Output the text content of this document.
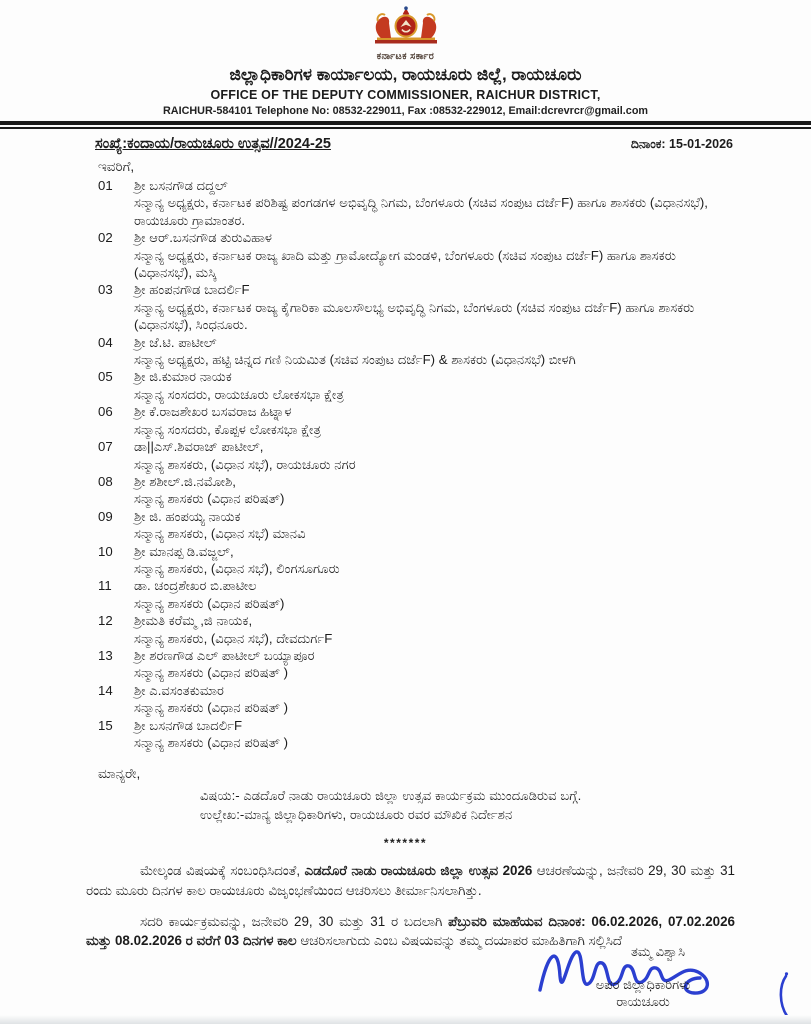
ಕರ್ನಾಟಕ ಸರ್ಕಾರ
ಜಿಲ್ಲಾಧಿಕಾರಿಗಳ ಕಾರ್ಯಾಲಯ, ರಾಯಚೂರು ಜಿಲ್ಲೆ, ರಾಯಚೂರು
OFFICE OF THE DEPUTY COMMISSIONER, RAICHUR DISTRICT,
RAICHUR-584101 Telephone No: 08532-229011, Fax :08532-229012, Email:dcrevrcr@gmail.com
ಸಂಖ್ಯೆ:ಕಂದಾಯ/ರಾಯಚೂರು ಉತ್ಸವ//2024-25	ದಿನಾಂಕ: 15-01-2026
ಇವರಿಗೆ,
01	ಶ್ರೀ ಬಸನಗೌಡ ದದ್ದಲ್
ಸನ್ಮಾನ್ಯ ಅಧ್ಯಕ್ಷರು, ಕರ್ನಾಟಕ ಪರಿಶಿಷ್ಟ ಪಂಗಡಗಳ ಅಭಿವೃದ್ಧಿ ನಿಗಮ, ಬೆಂಗಳೂರು (ಸಚಿವ ಸಂಪುಟ ದರ್ಜೆF) ಹಾಗೂ ಶಾಸಕರು (ವಿಧಾನಸಭೆ), ರಾಯಚೂರು ಗ್ರಾಮಾಂತರ.
02	ಶ್ರೀ ಆರ್.ಬಸನಗೌಡ ತುರುವಿಹಾಳ
ಸನ್ಮಾನ್ಯ ಅಧ್ಯಕ್ಷರು, ಕರ್ನಾಟಕ ರಾಜ್ಯ ಖಾದಿ ಮತ್ತು ಗ್ರಾಮೋದ್ಯೋಗ ಮಂಡಳಿ, ಬೆಂಗಳೂರು (ಸಚಿವ ಸಂಪುಟ ದರ್ಜೆF) ಹಾಗೂ ಶಾಸಕರು (ವಿಧಾನಸಭೆ), ಮಸ್ಕಿ
03	ಶ್ರೀ ಹಂಪನಗೌಡ ಬಾದರ್ಲಿF
ಸನ್ಮಾನ್ಯ ಅಧ್ಯಕ್ಷರು, ಕರ್ನಾಟಕ ರಾಜ್ಯ ಕೈಗಾರಿಕಾ ಮೂಲಸೌಲಭ್ಯ ಅಭಿವೃದ್ಧಿ ನಿಗಮ, ಬೆಂಗಳೂರು (ಸಚಿವ ಸಂಪುಟ ದರ್ಜೆF) ಹಾಗೂ ಶಾಸಕರು (ವಿಧಾನಸಭೆ), ಸಿಂಧನೂರು.
04	ಶ್ರೀ ಜೆ.ಟಿ. ಪಾಟೀಲ್
ಸನ್ಮಾನ್ಯ ಅಧ್ಯಕ್ಷರು, ಹಟ್ಟಿ ಚಿನ್ನದ ಗಣಿ ನಿಯಮಿತ (ಸಚಿವ ಸಂಪುಟ ದರ್ಜೆF) & ಶಾಸಕರು (ವಿಧಾನಸಭೆ) ಬೀಳಗಿ
05	ಶ್ರೀ ಜಿ.ಕುಮಾರ ನಾಯಕ
ಸನ್ಮಾನ್ಯ ಸಂಸದರು, ರಾಯಚೂರು ಲೋಕಸಭಾ ಕ್ಷೇತ್ರ
06	ಶ್ರೀ ಕೆ.ರಾಜಶೇಖರ ಬಸವರಾಜ ಹಿಟ್ನಾಳ
ಸನ್ಮಾನ್ಯ ಸಂಸದರು, ಕೊಪ್ಪಳ ಲೋಕಸಭಾ ಕ್ಷೇತ್ರ
07	ಡಾ||ಎಸ್.ಶಿವರಾಜ್ ಪಾಟೀಲ್,
ಸನ್ಮಾನ್ಯ ಶಾಸಕರು, (ವಿಧಾನ ಸಭೆ), ರಾಯಚೂರು ನಗರ
08	ಶ್ರೀ ಶಶೀಲ್.ಜಿ.ನಮೋಶಿ,
ಸನ್ಮಾನ್ಯ ಶಾಸಕರು (ವಿಧಾನ ಪರಿಷತ್)
09	ಶ್ರೀ ಜಿ. ಹಂಪಯ್ಯ ನಾಯಕ
ಸನ್ಮಾನ್ಯ ಶಾಸಕರು, (ವಿಧಾನ ಸಭೆ) ಮಾನವಿ
10	ಶ್ರೀ ಮಾನಪ್ಪ ಡಿ.ವಜ್ಜಲ್,
ಸನ್ಮಾನ್ಯ ಶಾಸಕರು, (ವಿಧಾನ ಸಭೆ), ಲಿಂಗಸೂಗೂರು
11	ಡಾ. ಚಂದ್ರಶೇಖರ ಬಿ.ಪಾಟೀಲ
ಸನ್ಮಾನ್ಯ ಶಾಸಕರು (ವಿಧಾನ ಪರಿಷತ್)
12	ಶ್ರೀಮತಿ ಕರೆಮ್ಮ ,ಜಿ ನಾಯಕ,
ಸನ್ಮಾನ್ಯ ಶಾಸಕರು, (ವಿಧಾನ ಸಭೆ), ದೇವದುರ್ಗF
13	ಶ್ರೀ ಶರಣಗೌಡ ಎಲ್ ಪಾಟೀಲ್ ಬಯ್ಯಾಪೂರ
ಸನ್ಮಾನ್ಯ ಶಾಸಕರು (ವಿಧಾನ ಪರಿಷತ್ )
14	ಶ್ರೀ ಎ.ವಸಂತಕುಮಾರ
ಸನ್ಮಾನ್ಯ ಶಾಸಕರು (ವಿಧಾನ ಪರಿಷತ್ )
15	ಶ್ರೀ ಬಸನಗೌಡ ಬಾದರ್ಲಿF
ಸನ್ಮಾನ್ಯ ಶಾಸಕರು (ವಿಧಾನ ಪರಿಷತ್ )
ಮಾನ್ಯರೇ,
ವಿಷಯ:- ಎಡದೊರೆ ನಾಡು ರಾಯಚೂರು ಜಿಲ್ಲಾ ಉತ್ಸವ ಕಾರ್ಯಕ್ರಮ ಮುಂದೂಡಿರುವ ಬಗ್ಗೆ.
ಉಲ್ಲೇಖ:-ಮಾನ್ಯ ಜಿಲ್ಲಾಧಿಕಾರಿಗಳು, ರಾಯಚೂರು ರವರ ಮೌಖಿಕ ನಿರ್ದೇಶನ
*******

ಮೇಲ್ಕಂಡ ವಿಷಯಕ್ಕೆ ಸಂಬಂಧಿಸಿದಂತೆ, ಎಡದೊರೆ ನಾಡು ರಾಯಚೂರು ಜಿಲ್ಲಾ ಉತ್ಸವ 2026 ಆಚರಣೆಯನ್ನು, ಜನೇವರಿ 29, 30 ಮತ್ತು 31 ರಂದು ಮೂರು ದಿನಗಳ ಕಾಲ ರಾಯಚೂರು ವಿಜೃಂಭಣೆಯಿಂದ ಆಚರಿಸಲು ತೀರ್ಮಾನಿಸಲಾಗಿತ್ತು.

ಸದರಿ ಕಾರ್ಯಕ್ರಮವನ್ನು, ಜನೇವರಿ 29, 30 ಮತ್ತು 31 ರ ಬದಲಾಗಿ ಪೆಬ್ರುವರಿ ಮಾಹೆಯವ ದಿನಾಂಕ: 06.02.2026, 07.02.2026 ಮತ್ತು 08.02.2026 ರ ವರೆಗೆ 03 ದಿನಗಳ ಕಾಲ ಆಚರಿಸಲಾಗುದು ಎಂಬ ವಿಷಯವನ್ನು ತಮ್ಮ ದಯಾಪರ ಮಾಹಿತಿಗಾಗಿ ಸಲ್ಲಿಸಿದೆ

ತಮ್ಮ ವಿಶ್ವಾಸಿ
ಅಪರ ಜಿಲ್ಲಾಧಿಕಾರಿಗಳು
ರಾಯಚೂರು
